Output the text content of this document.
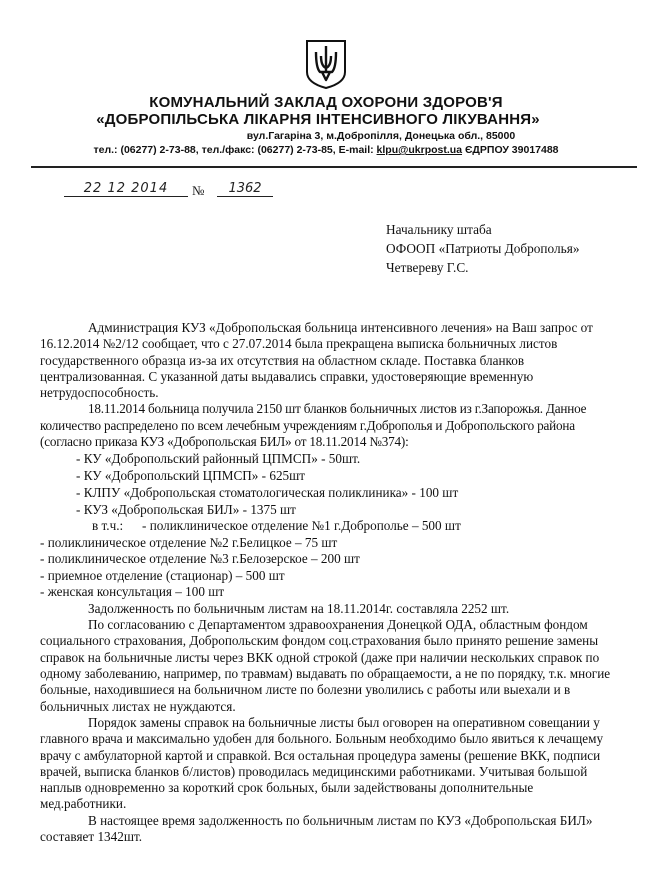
КОМУНАЛЬНИЙ ЗАКЛАД ОХОРОНИ ЗДОРОВ'Я
«ДОБРОПІЛЬСЬКА ЛІКАРНЯ ІНТЕНСИВНОГО ЛІКУВАННЯ»
вул.Гагаріна 3, м.Добропілля, Донецька обл., 85000
тел.: (06277) 2-73-88, тел./факс: (06277) 2-73-85, E-mail: klpu@ukrpost.ua ЄДРПОУ 39017488
22 12 2014	№	1362
Начальнику штаба
ОФООП «Патриоты Доброполья»
Четвереву Г.С.

Администрация КУЗ «Добропольская больница интенсивного лечения» на Ваш запрос от 16.12.2014 №2/12 сообщает, что с 27.07.2014 была прекращена выписка больничных листов государственного образца из-за их отсутствия на областном складе. Поставка бланков централизованная. С указанной даты выдавались справки, удостоверяющие временную нетрудоспособность.

18.11.2014 больница получила 2150 шт бланков больничных листов из г.Запорожья. Данное количество распределено по всем лечебным учреждениям г.Доброполья и Добропольского района (согласно приказа КУЗ «Добропольская БИЛ» от 18.11.2014 №374):

- КУ «Добропольский районный ЦПМСП» - 50шт.

- КУ «Добропольский ЦПМСП» - 625шт

- КЛПУ «Добропольская стоматологическая поликлиника» - 100 шт

- КУЗ «Добропольская БИЛ» - 1375 шт

в т.ч.:	- поликлиническое отделение №1 г.Доброполье – 500 шт
- поликлиническое отделение №2 г.Белицкое – 75 шт
- поликлиническое отделение №3 г.Белозерское – 200 шт
- приемное отделение (стационар) – 500 шт
- женская консультация – 100 шт

Задолженность по больничным листам на 18.11.2014г. составляла 2252 шт.

По согласованию с Департаментом здравоохранения Донецкой ОДА, областным фондом социального страхования, Добропольским фондом соц.страхования было принято решение замены справок на больничные листы через ВКК одной строкой (даже при наличии нескольких справок по одному заболеванию, например, по травмам) выдавать по обращаемости, а не по порядку, т.к. многие больные, находившиеся на больничном листе по болезни уволились с работы или выехали и в больничных листах не нуждаются.

Порядок замены справок на больничные листы был оговорен на оперативном совещании у главного врача и максимально удобен для больного. Больным необходимо было явиться к лечащему врачу с амбулаторной картой и справкой. Вся остальная процедура замены (решение ВКК, подписи врачей, выписка бланков б/листов) проводилась медицинскими работниками. Учитывая большой наплыв одновременно за короткий срок больных, были задействованы дополнительные мед.работники.

В настоящее время задолженность по больничным листам по КУЗ «Добропольская БИЛ» составяет 1342шт.
